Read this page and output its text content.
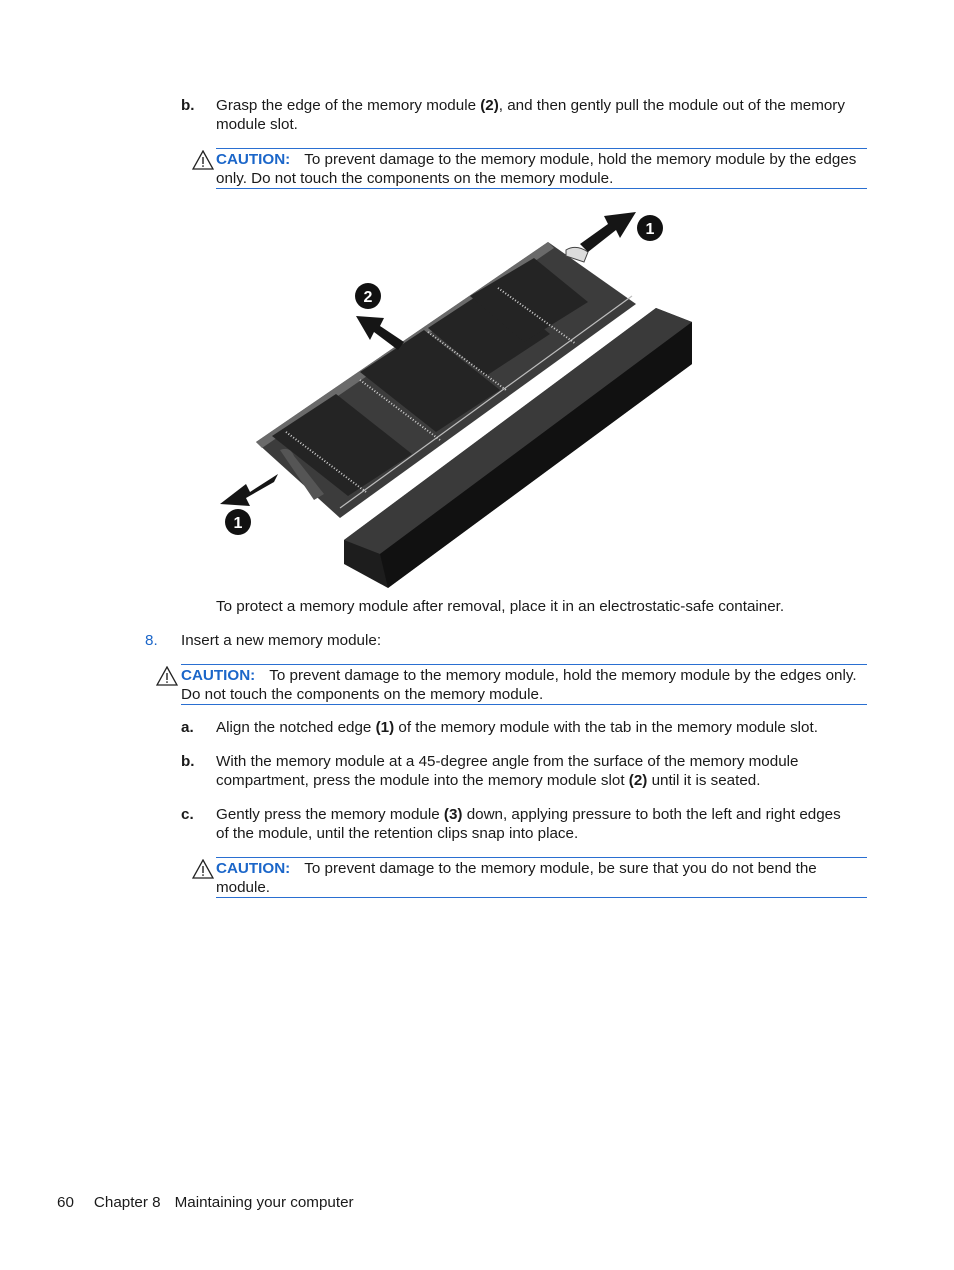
b. Grasp the edge of the memory module (2), and then gently pull the module out of the memory module slot.
CAUTION: To prevent damage to the memory module, hold the memory module by the edges only. Do not touch the components on the memory module.
1
2
1
To protect a memory module after removal, place it in an electrostatic-safe container.
8. Insert a new memory module:
CAUTION: To prevent damage to the memory module, hold the memory module by the edges only. Do not touch the components on the memory module.
a. Align the notched edge (1) of the memory module with the tab in the memory module slot.
b. With the memory module at a 45-degree angle from the surface of the memory module compartment, press the module into the memory module slot (2) until it is seated.
c. Gently press the memory module (3) down, applying pressure to both the left and right edges of the module, until the retention clips snap into place.
CAUTION: To prevent damage to the memory module, be sure that you do not bend the module.
60 Chapter 8 Maintaining your computer
